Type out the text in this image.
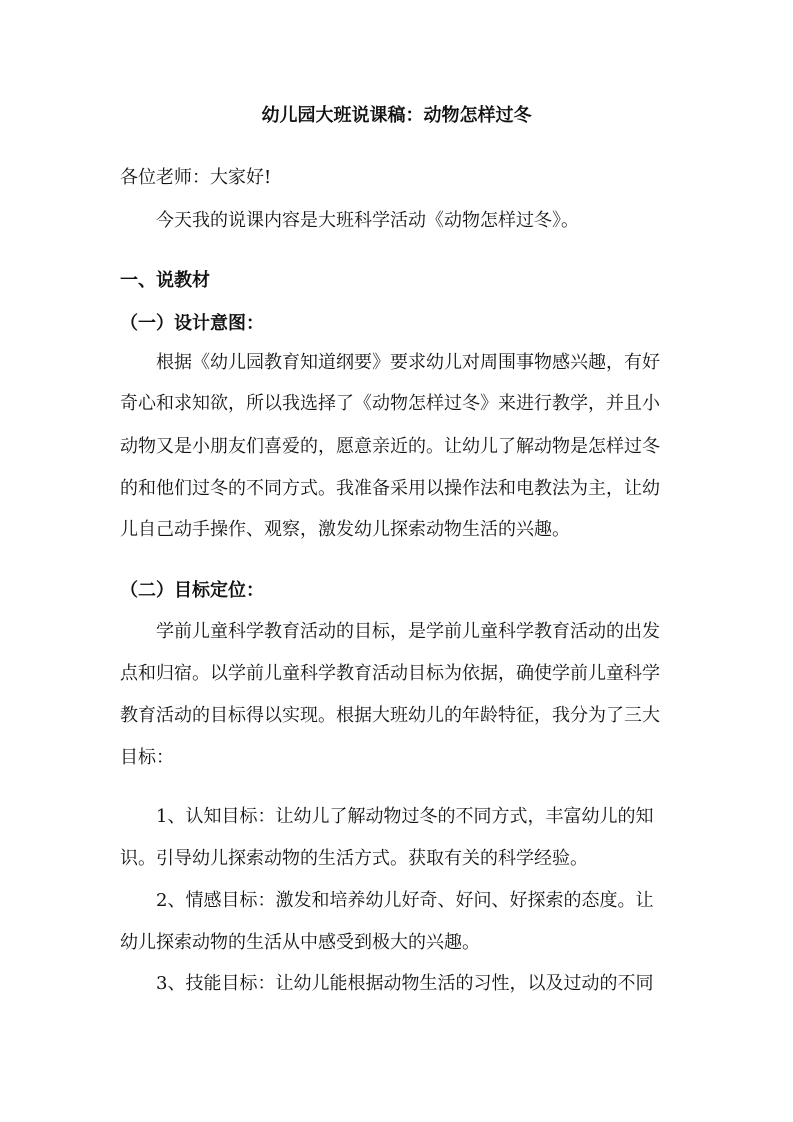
幼儿园大班说课稿：动物怎样过冬

各位老师：大家好!

今天我的说课内容是大班科学活动《动物怎样过冬》。

一、说教材

（一）设计意图：

根据《幼儿园教育知道纲要》要求幼儿对周围事物感兴趣，有好

奇心和求知欲，所以我选择了《动物怎样过冬》来进行教学，并且小

动物又是小朋友们喜爱的，愿意亲近的。让幼儿了解动物是怎样过冬

的和他们过冬的不同方式。我准备采用以操作法和电教法为主，让幼

儿自己动手操作、观察，激发幼儿探索动物生活的兴趣。

（二）目标定位：

学前儿童科学教育活动的目标，是学前儿童科学教育活动的出发

点和归宿。以学前儿童科学教育活动目标为依据，确使学前儿童科学

教育活动的目标得以实现。根据大班幼儿的年龄特征，我分为了三大

目标：

1、认知目标：让幼儿了解动物过冬的不同方式，丰富幼儿的知

识。引导幼儿探索动物的生活方式。获取有关的科学经验。

2、情感目标：激发和培养幼儿好奇、好问、好探索的态度。让

幼儿探索动物的生活从中感受到极大的兴趣。

3、技能目标：让幼儿能根据动物生活的习性，以及过动的不同
